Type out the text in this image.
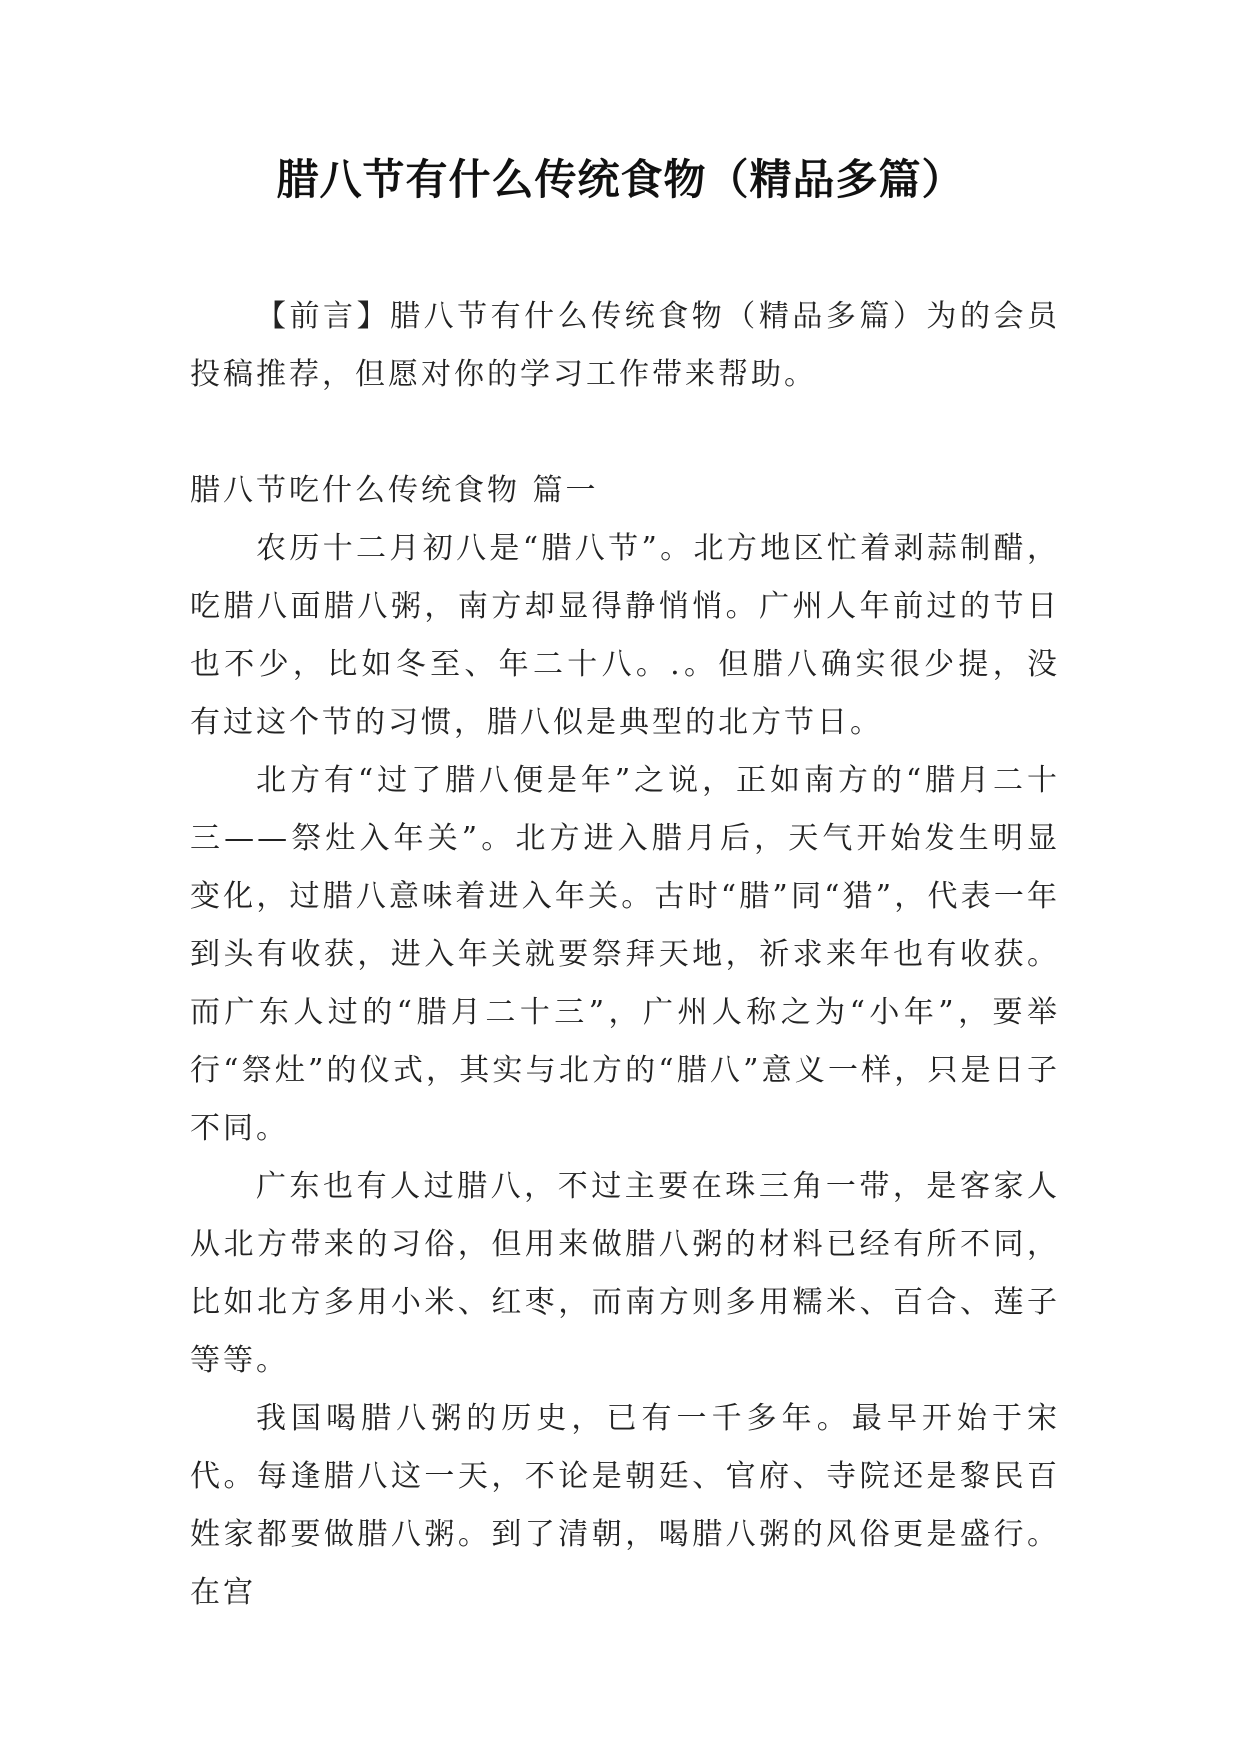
腊八节有什么传统食物（精品多篇）

【前言】腊八节有什么传统食物（精品多篇）为的会员投稿推荐，但愿对你的学习工作带来帮助。

腊八节吃什么传统食物 篇一

农历十二月初八是“腊八节”。北方地区忙着剥蒜制醋，吃腊八面腊八粥，南方却显得静悄悄。广州人年前过的节日也不少，比如冬至、年二十八。.。但腊八确实很少提，没有过这个节的习惯，腊八似是典型的北方节日。

北方有“过了腊八便是年”之说，正如南方的“腊月二十三——祭灶入年关”。北方进入腊月后，天气开始发生明显变化，过腊八意味着进入年关。古时“腊”同“猎”，代表一年到头有收获，进入年关就要祭拜天地，祈求来年也有收获。而广东人过的“腊月二十三”，广州人称之为“小年”，要举行“祭灶”的仪式，其实与北方的“腊八”意义一样，只是日子不同。

广东也有人过腊八，不过主要在珠三角一带，是客家人从北方带来的习俗，但用来做腊八粥的材料已经有所不同，比如北方多用小米、红枣，而南方则多用糯米、百合、莲子等等。

我国喝腊八粥的历史，已有一千多年。最早开始于宋代。每逢腊八这一天，不论是朝廷、官府、寺院还是黎民百姓家都要做腊八粥。到了清朝，喝腊八粥的风俗更是盛行。在宫
